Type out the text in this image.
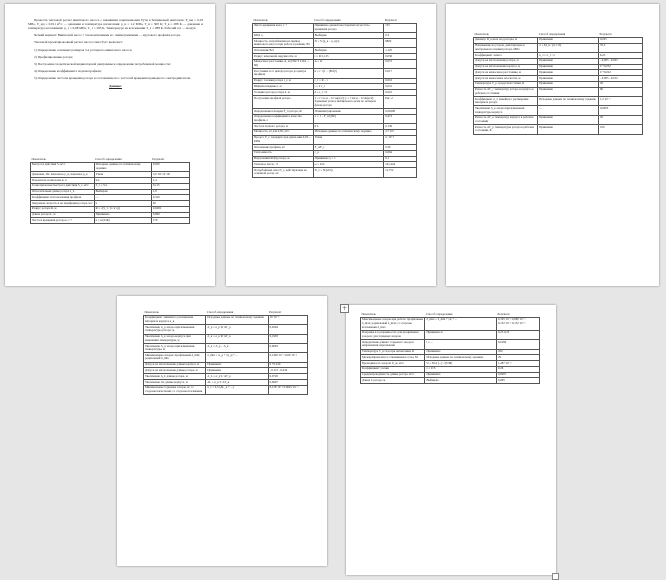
Провести тепловой расчет ввинтового насоса с внешними зацеплени-ями Рути в бензиновый двигатель: P_нм = 0,03 МПа, V_мд = 0,011 м³/c — давления и температура нагнетания: p_н = 1,2 МПа, T_н = 300 К; T_в = 288 К — давление и температура всасывания: p_1 = 0,08 МПа, T_1 = 293 К. Температура на всасывании T_1 = 288 К. Рабочий газ — воздух.

Четкий вариант: Ввинтовой насос с 3 или винтовыми и с симметричными — кругового профиля ротора.

Тепловой проектировочный расчет насоса типа Рутс включает:

1) Определение основных размеров 3-х роторного ввинтового насоса;

2) Профилирование ротора;

3) Построение теоретической индикаторной диаграммы и определение потребляемой мощности;

4) Определение коэффициента подачи профиля;

5) Определение частоты вращения ротора и составление на с частотой вращения приводного электродвигателя.

Данные:
Показатель	Способ определения	Результат
Быстрота действия S, м³/с	Исходные данные по техническому заданию	0,050
Давление, Па: начальное p_н; конечное p_к	Узнав	3,0·10³ 12·10³
Показатель политропы k, n	k/n	1,4
Геометрическая быстрота действия S_т, м³/с	S_т = S/λ	0,115
Относительная длина ротора λ_L	Выбираю	1,8
Коэффициент использования профиля	—	0,526
Окружная скорость и на периферии ротора, м/с	u	40
Радиус ротора R, м	R = √(S_т / (λ·u·η))	0,0402
Длина ротора L, м	Принимаю	0,060
Частота вращения ротора n, с⁻¹	n = u/(2πR)	170
Показатель	Способ определения	Результат
Число вращения вала, с⁻¹	Принимаю данной шестеренчатой частоты вращения ротора	155
КПД η	Выбираю	0,3
Мощность, потребляемая на привод ввинтового насоса при работе в режиме, Вт	N = S·(p_к − p_н)/η	9800
Отношение B/2	Выбираю	1,125
Радиус начальной окружности, м	r = R/1,125	0,036
Межосевое расстояние A, м (ГОСТ 2144 — 66)	A = 2r	0,072
Расстояние h от центра ротора до центра профиля	h = r·√(1 − (B/2)²)	0,017
Радиус головки ротора r_г, м	r_г = R − r	0,016
Ширина впадины t, м	t = 2·r_г	0,031
Толщина ротора ротора δ, м	δ = r_г·√2	0,010
Построение профиля ротора	x = r·cos φ − h·cos(φ/2); y = r·sin φ − h·sin(φ/2); Заданные углы φ выбираем по всем по четырем фазам ротора	Рис. 2
Определение площади F_п ротора, м²	Планиметрирование	0,00208
Определение коэффициента качества профиля, λ	λ = 1 − F_п/(πR²)	0,472
Частота полного ротора, м	n·L	0,139
Мощность, кт для 0,05, м³/c	Исходные данные по техническому заданию	2,7·10³
Продол. F_г, торцевую при давле-нии 0,03…МПа	Узнав	2,·10⁻⁴
Отношение профиля, м²	F_п/F_г	0,36
Теплоемкость	c_p	0,064
Внутренний КПД ротора, м	Принимаю η = 1	0,1
Тепловое число, %	ω = 2πn	101,444
Потребляемая сила N_v, действующая на основной ротор, м³	N_v = N/(2πn)	11,752
Показатель	Способ определения	Результат
Диаметр D_в вала под роторы, м	Принимаю	0,025
Напряжение на уторов, действующее в центральном сечении ротора, МПа	σ = M_и / (0,1·d³)	35,5
Коэффициент запаса	n_з = σ_т / σ	6,25
Допуск на изготовление ротора, м	Принимаю	−0,005 −0,035
Допуск на изготовление корпуса, м	Принимаю	0 +0,032
Допуск на межосевое расстояние, м	Принимаю	0 +0,022
Допуск на межосевые плоскости, м	Принимаю	−0,005 −0,012
Температура T_р, градусной стенки, К	Принимаю	20
Разность ΔT_с температур ротора и корпуса в рабочем состоянии	Принимаю	60
Коэффициент α_л линейного расширения материала ротора	Исходные данные по техническому заданию	1,2·10⁻⁵
Увеличение Δ_к зазора при изменении температуры корпуса	—	0,0003
Разность ΔT_к температур корпуса в рабочем состоянии	Принимаю	50
Разность ΔT_р температуры ротора в рабочем состоянии, К	Принимаю	100
Показатель	Способ определения	Результат
Коэффициент линейного расширения материала корпуса α_к	Исходные данные по техническому заданию	16·10⁻⁶
Увеличение Δ_р зазора при изменении температуры ротора, м	Δ_р = α_р·R·ΔT_р	0,0264
Увеличение Δ_к зазора корпуса при изменении температуры, м	Δ_к = α_к·R·ΔT_к	0,1993
Увеличение Δ_д зазора при изменении температуры, м	Δ_д = Δ_р − Δ_к	0,0603
Минимальные зазоры: профильный δ_min; радиальный δ_min	δ_min = Δ_д + |Δ_д| + ...	0,1465·10⁻³ 0,09·10⁻³
Допуск на изготовление длины корпуса, м	Принимаю	0 +0,010
Допуск на изготовление длины ротора, м	Принимаю	−0,115 −0,234
Увеличение Δ_L длины ротора, м	Δ_L = α_р·L·ΔT_р	0,0729
Увеличение ΔL длины корпуса, м	ΔL = α_к·L·ΔT_к	0,0607
Минимальные торцевые зазоры, м: со стороны нагнетания; со стороны всасывания	δ_т = 0,5·(ΔL_к + ...)	0,158·10⁻³ 0,0625·10⁻³
Показатель	Способ определения	Результат
Максимальные зазоры при работе: профильные δ_max; радиальный δ_max; со стороны всасывания δ_max	δ_max = δ_min + |Δ| + ...	0,195·10⁻³ 0,080·10⁻³ 0,152·10⁻³ 0,152·10⁻³
Поправка k к разрывности: для профильных зазоров; для торцевых зазоров	Принимаю k	0,23 0,23
Определение длины l торцевого зазора в направлении перетекания	l = ...	0,0184
Температура T_н газа при нагнетании, К	Принимаю	450
Молекулярная масса откачиваемого газа, М	Исходные данные по техническому заданию	29
Проводимость зазоров U_ж, м³/с	U = 36,4·(...)·√(T/M)	1,287·10⁻³
Коэффициент утечки	ε = U/S	0,26
Среднепроводимость длины ротора, м³/с	Принимаю	0,0007
Длина L ротора, м	Выбираю	0,065
+
